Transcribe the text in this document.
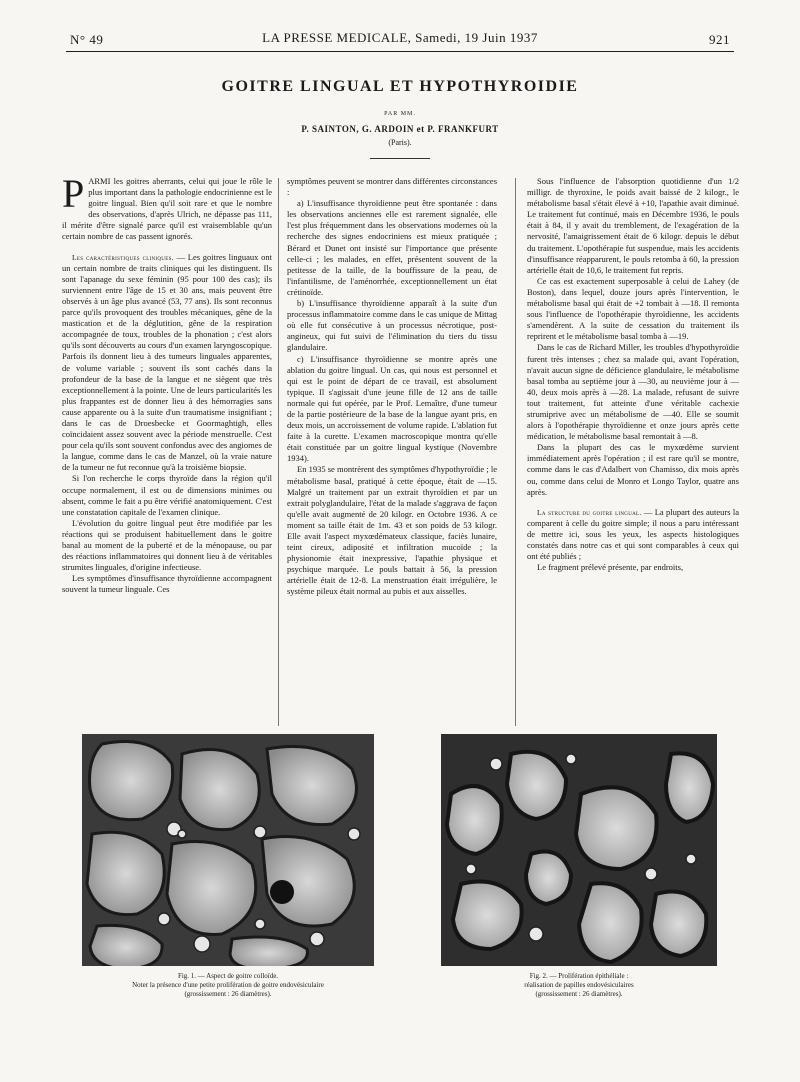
N° 49	LA PRESSE MEDICALE, Samedi, 19 Juin 1937	921
GOITRE LINGUAL ET HYPOTHYROIDIE
PAR MM.
P. SAINTON, G. ARDOIN et P. FRANKFURT
(Paris).

PARMI les goitres aberrants, celui qui joue le rôle le plus important dans la pathologie endocrinienne est le goitre lingual. Bien qu'il soit rare et que le nombre des observations, d'après Ulrich, ne dépasse pas 111, il mérite d'être signalé parce qu'il est vraisemblable qu'un certain nombre de cas passent ignorés.

Les caractéristiques cliniques. — Les goitres linguaux ont un certain nombre de traits cliniques qui les distinguent. Ils sont l'apanage du sexe féminin (95 pour 100 des cas); ils surviennent entre l'âge de 15 et 30 ans, mais peuvent être observés à un âge plus avancé (53, 77 ans). Ils sont reconnus parce qu'ils provoquent des troubles mécaniques, gêne de la mastication et de la déglutition, gêne de la respiration accompagnée de toux, troubles de la phonation ; c'est alors qu'ils sont découverts au cours d'un examen laryngoscopique. Parfois ils donnent lieu à des tumeurs linguales apparentes, de volume variable ; souvent ils sont cachés dans la profondeur de la base de la langue et ne siègent que très exceptionnellement à la pointe. Une de leurs particularités les plus frappantes est de donner lieu à des hémorragies sans cause apparente ou à la suite d'un traumatisme insignifiant ; dans le cas de Droesbecke et Goormaghtigh, elles coïncidaient assez souvent avec la période menstruelle. C'est pour cela qu'ils sont souvent confondus avec des angiomes de la langue, comme dans le cas de Manzel, où la vraie nature de la tumeur ne fut reconnue qu'à la troisième biopsie.

Si l'on recherche le corps thyroïde dans la région qu'il occupe normalement, il est ou de dimensions minimes ou absent, comme le fait a pu être vérifié anatomiquement. C'est une constatation capitale de l'examen clinique.

L'évolution du goitre lingual peut être modifiée par les réactions qui se produisent habituellement dans le goitre banal au moment de la puberté et de la ménopause, ou par des réactions inflammatoires qui donnent lieu à de véritables strumites linguales, d'origine infectieuse.

Les symptômes d'insuffisance thyroïdienne accompagnent souvent la tumeur linguale. Ces

symptômes peuvent se montrer dans différentes circonstances :

a) L'insuffisance thyroïdienne peut être spontanée : dans les observations anciennes elle est rarement signalée, elle l'est plus fréquemment dans les observations modernes où la recherche des signes endocriniens est mieux pratiquée ; Bérard et Dunet ont insisté sur l'importance que présente celle-ci ; les malades, en effet, présentent souvent de la petitesse de la taille, de la bouffissure de la peau, de l'infantilisme, de l'aménorrhée, exceptionnellement un état crétinoïde.

b) L'insuffisance thyroïdienne apparaît à la suite d'un processus inflammatoire comme dans le cas unique de Mittag où elle fut consécutive à un processus nécrotique, post-angineux, qui fut suivi de l'élimination du tiers du tissu glandulaire.

c) L'insuffisance thyroïdienne se montre après une ablation du goitre lingual. Un cas, qui nous est personnel et qui est le point de départ de ce travail, est absolument typique. Il s'agissait d'une jeune fille de 12 ans de taille normale qui fut opérée, par le Prof. Lemaître, d'une tumeur de la partie postérieure de la base de la langue ayant pris, en deux mois, un accroissement de volume rapide. L'ablation fut faite à la curette. L'examen macroscopique montra qu'elle était constituée par un goitre lingual kystique (Novembre 1934).

En 1935 se montrèrent des symptômes d'hypothyroïdie ; le métabolisme basal, pratiqué à cette époque, était de —15. Malgré un traitement par un extrait thyroïdien et par un extrait polyglandulaire, l'état de la malade s'aggrava de façon qu'elle avait augmenté de 20 kilogr. en Octobre 1936. A ce moment sa taille était de 1m. 43 et son poids de 53 kilogr. Elle avait l'aspect myxœdémateux classique, faciès lunaire, teint cireux, adiposité et infiltration mucoïde ; la physionomie était inexpressive, l'apathie physique et psychique marquée. Le pouls battait à 56, la pression artérielle était de 12-8. La menstruation était irrégulière, le système pileux était normal au pubis et aux aisselles.

Sous l'influence de l'absorption quotidienne d'un 1/2 milligr. de thyroxine, le poids avait baissé de 2 kilogr., le métabolisme basal s'était élevé à +10, l'apathie avait diminué. Le traitement fut continué, mais en Décembre 1936, le pouls était à 84, il y avait du tremblement, de l'exagération de la nervosité, l'amaigrissement était de 6 kilogr. depuis le début du traitement. L'opothérapie fut suspendue, mais les accidents d'insuffisance réapparurent, le pouls retomba à 60, la pression artérielle était de 10,6, le traitement fut repris.

Ce cas est exactement superposable à celui de Lahey (de Boston), dans lequel, douze jours après l'intervention, le métabolisme basal qui était de +2 tombait à —18. Il remonta sous l'influence de l'opothérapie thyroïdienne, les accidents s'amendèrent. A la suite de cessation du traitement ils reprirent et le métabolisme basal tomba à —19.

Dans le cas de Richard Miller, les troubles d'hypothyroïdie furent très intenses ; chez sa malade qui, avant l'opération, n'avait aucun signe de déficience glandulaire, le métabolisme basal tomba au septième jour à —30, au neuvième jour à —40, deux mois après à —28. La malade, refusant de suivre tout traitement, fut atteinte d'une véritable cachexie strumiprive avec un métabolisme de —40. Elle se soumit alors à l'opothérapie thyroïdienne et onze jours après cette médication, le métabolisme basal remontait à —8.

Dans la plupart des cas le myxœdème survient immédiatement après l'opération ; il est rare qu'il se montre, comme dans le cas d'Adalbert von Chamisso, dix mois après ou, comme dans celui de Monro et Longo Taylor, quatre ans après.

La structure du goitre lingual. — La plupart des auteurs la comparent à celle du goitre simple; il nous a paru intéressant de mettre ici, sous les yeux, les aspects histologiques constatés dans notre cas et qui sont comparables à ceux qui ont été publiés ;

Le fragment prélevé présente, par endroits,

Fig. 1. — Aspect de goitre colloïde.
Noter la présence d'une petite prolifération de goitre endovésiculaire
(grossissement : 26 diamètres).
Fig. 2. — Prolifération épithéliale :
réalisation de papilles endovésiculaires
(grossissement : 26 diamètres).
